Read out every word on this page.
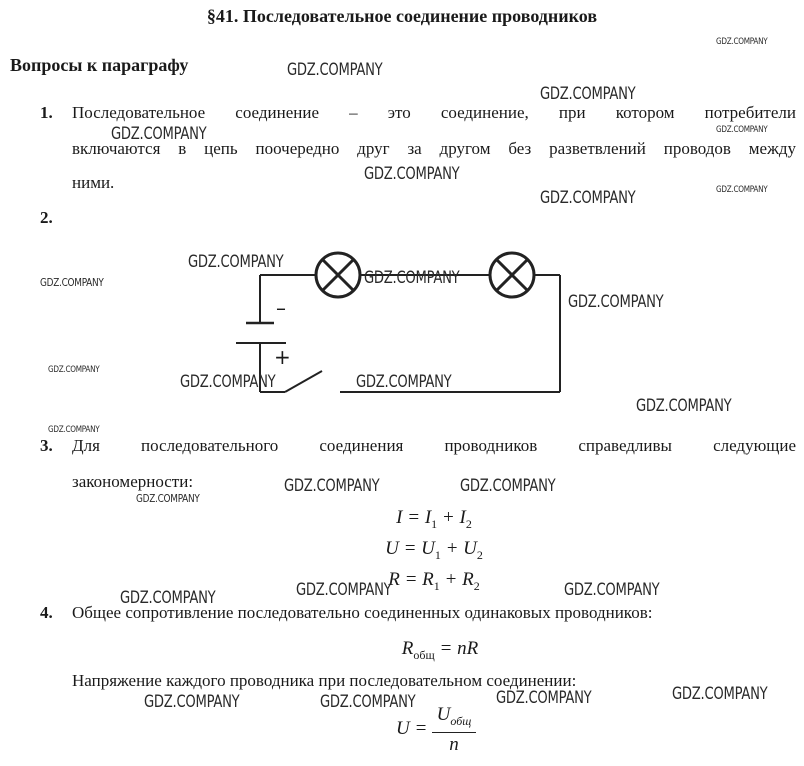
§41. Последовательное соединение проводников
Вопросы к параграфу
1. Последовательное соединение – это соединение, при котором потребители
включаются в цепь поочередно друг за другом без разветвлений проводов между
ними.
2.
–
+
3. Для последовательного соединения проводников справедливы следующие
закономерности:
$I = I_1 + I_2$
$U = U_1 + U_2$
$R = R_1 + R_2$
4. Общее сопротивление последовательно соединенных одинаковых проводников:
$R_{общ}$ = nR
Напряжение каждого проводника при последовательном соединении:
U =
$U_{общ}$
n
GDZ.COMPANY
GDZ.COMPANY
GDZ.COMPANY
GDZ.COMPANY
GDZ.COMPANY
GDZ.COMPANY
GDZ.COMPANY
GDZ.COMPANY
GDZ.COMPANY	GDZ.COMPANY
GDZ.COMPANY
GDZ.COMPANY	GDZ.COMPANY
GDZ.COMPANY	GDZ.COMPANY	GDZ.COMPANY
GDZ.COMPANY	GDZ.COMPANY	GDZ.COMPANY	GDZ.COMPANY
GDZ.COMPANY
GDZ.COMPANY
GDZ.COMPANY
GDZ.COMPANY
GDZ.COMPANY
GDZ.COMPANY
GDZ.COMPANY
